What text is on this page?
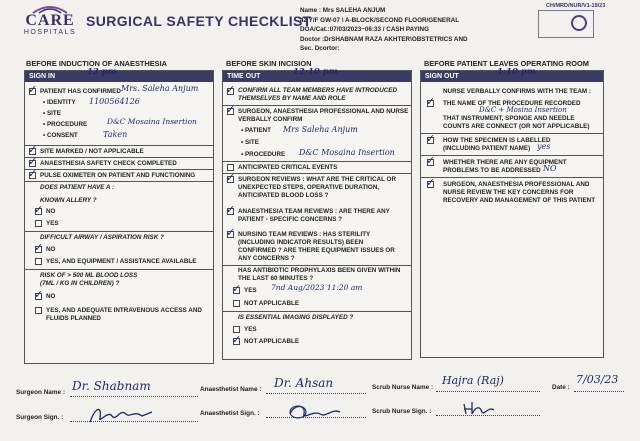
CARE
HOSPITALS
SURGICAL SAFETY CHECKLIST

Name : Mrs SALEHA ANJUM
42 Y/F GW-07 \ A-BLOCK/SECOND FLOOR/GENERAL
DOA/Cat.:07/03/2023~06:33 / CASH PAYING
Doctor :DrSHABNAM RAZA AKHTER\OBSTETRICS AND
Sec. Dcortor:
CH/MRD/NUR/V1-19/23
BEFORE INDUCTION OF ANAESTHESIA	BEFORE SKIN INCISION	BEFORE PATIENT LEAVES OPERATING ROOM
SIGN IN	12 pm
✓ PATIENT HAS CONFIRMED Mrs. Saleha Anjum
• IDENTITY 1100564126
• SITE
• PROCEDURE	D&C Mosaina Insertion
• CONSENT	Taken
✓ SITE MARKED / NOT APPLICABLE
✓ ANAESTHESIA SAFETY CHECK COMPLETED
✓ PULSE OXIMETER ON PATIENT AND FUNCTIONING
DOES PATIENT HAVE A :
KNOWN ALLERY ?
✓ NO
YES
DIFFICULT AIRWAY / ASPIRATION RISK ?
✓ NO
YES, AND EQUIPMENT / ASSISTANCE AVAILABLE
RISK OF > 500 ML BLOOD LOSS
(7ML / KG IN CHILDREN) ?
✓ NO
YES, AND ADEQUATE INTRAVENOUS ACCESS AND
FLUIDS PLANNED
TIME OUT	12:10 pm
✓ CONFIRM ALL TEAM MEMBERS HAVE INTRODUCED
THEMSELVES BY NAME AND ROLE
✓ SURGEON, ANAESTHESIA PROFESSIONAL AND NURSE
VERBALLY CONFIRM
• PATIENT Mrs Saleha Anjum
• SITE
• PROCEDURE D&C Mosaina Insertion
ANTICIPATED CRITICAL EVENTS
✓ SURGEON REVIEWS : WHAT ARE THE CRITICAL OR
UNEXPECTED STEPS, OPERATIVE DURATION,
ANTICIPATED BLOOD LOSS ?
✓ ANAESTHESIA TEAM REVIEWS : ARE THERE ANY
PATIENT - SPECIFIC CONCERNS ?
✓ NURSING TEAM REVIEWS : HAS STERILITY
(INCLUDING INDICATOR RESULTS) BEEN
CONFIRMED ? ARE THERE EQUIPMENT ISSUES OR
ANY CONCERNS ?
HAS ANTIBIOTIC PROPHYLAXIS BEEN GIVEN WITHIN
THE LAST 60 MINUTES ?
✓ YES 7nd Aug/2023 11:20 am
NOT APPLICABLE
IS ESSENTIAL IMAGING DISPLAYED ?
YES
✓ NOT APPLICABLE
SIGN OUT	1:10 pm
NURSE VERBALLY CONFIRMS WITH THE TEAM :
✓ THE NAME OF THE PROCEDURE RECORDED
D&C + Mosina Insertion
THAT INSTRUMENT, SPONGE AND NEEDLE
COUNTS ARE CONNECT (OR NOT APPLICABLE)
✓ HOW THE SPECIMEN IS LABELLED
(INCLUDING PATIENT NAME) yes
✓ WHETHER THERE ARE ANY EQUIPMENT
PROBLEMS TO BE ADDRESSED NO
✓ SURGEON, ANAESTHESIA PROFESSIONAL AND
NURSE REVIEW THE KEY CONCERNS FOR
RECOVERY AND MANAGEMENT OF THIS PATIENT
Surgeon Name : Dr. Shabnam	Anaesthetist Name : Dr. Ahsan	Scrub Nurse Name :
Hajra (Raj)
Date :
7/03/23
Surgeon Sign. :
Anaesthetist Sign. :	Scrub Nurse Sign. :
